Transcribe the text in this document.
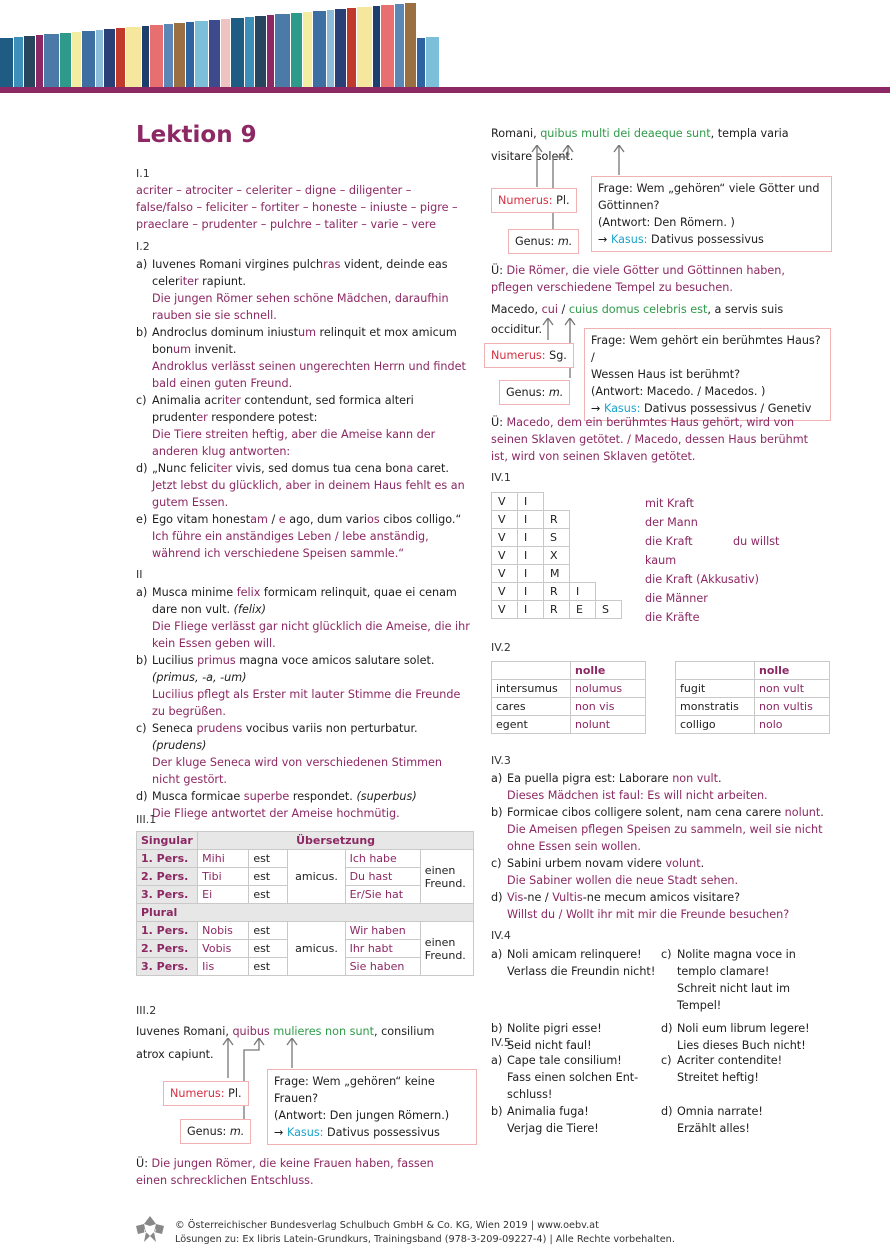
Lektion 9
I.1
acriter – atrociter – celeriter – digne – diligenter – false/falso – feliciter – fortiter – honeste – iniuste – pigre – praeclare – prudenter – pulchre – taliter – varie – vere
I.2
a) Iuvenes Romani virgines pulchras vident, deinde eas celeriter rapiunt.
Die jungen Römer sehen schöne Mädchen, daraufhin rauben sie sie schnell.
b) Androclus dominum iniustum relinquit et mox amicum bonum invenit.
Androklus verlässt seinen ungerechten Herrn und findet bald einen guten Freund.
c) Animalia acriter contendunt, sed formica alteri prudenter respondere potest:
Die Tiere streiten heftig, aber die Ameise kann der anderen klug antworten:
d) „Nunc feliciter vivis, sed domus tua cena bona caret.
Jetzt lebst du glücklich, aber in deinem Haus fehlt es an gutem Essen.
e) Ego vitam honestam / e ago, dum varios cibos colligo.“
Ich führe ein anständiges Leben / lebe anständig, während ich verschiedene Speisen sammle.“
II
a) Musca minime felix formicam relinquit, quae ei cenam dare non vult. (felix)
Die Fliege verlässt gar nicht glücklich die Ameise, die ihr kein Essen geben will.
b) Lucilius primus magna voce amicos salutare solet. (primus, -a, -um)
Lucilius pflegt als Erster mit lauter Stimme die Freunde zu begrüßen.
c) Seneca prudens vocibus variis non perturbatur. (prudens)
Der kluge Seneca wird von verschiedenen Stimmen nicht gestört.
d) Musca formicae superbe respondet. (superbus)
Die Fliege antwortet der Ameise hochmütig.
III.1
Singular	Übersetzung				
1. Pers.	Mihi	est	amicus.	Ich habe	einen Freund.
2. Pers.	Tibi	est		Du hast	
3. Pers.	Ei	est		Er/Sie hat	
Plural					
1. Pers.	Nobis	est	amicus.	Wir haben	einen Freund.
2. Pers.	Vobis	est		Ihr habt	
3. Pers.	Iis	est		Sie haben	
III.2
Iuvenes Romani, quibus mulieres non sunt, consilium atrox capiunt.
Numerus: Pl.
Genus: m.
Frage: Wem „gehören“ keine Frauen?
(Antwort: Den jungen Römern.)
→ Kasus: Dativus possessivus
Ü: Die jungen Römer, die keine Frauen haben, fassen einen schrecklichen Entschluss.
Romani, quibus multi dei deaeque sunt, templa varia visitare solent.
Numerus: Pl.
Genus: m.
Frage: Wem „gehören“ viele Götter und Göttinnen?
(Antwort: Den Römern. )
→ Kasus: Dativus possessivus
Ü: Die Römer, die viele Götter und Göttinnen haben, pflegen verschiedene Tempel zu besuchen.
Macedo, cui / cuius domus celebris est, a servis suis occiditur.
Numerus: Sg.
Genus: m.
Frage: Wem gehört ein berühmtes Haus? /
Wessen Haus ist berühmt?
(Antwort: Macedo. / Macedos. )
→ Kasus: Dativus possessivus / Genetiv
Ü: Macedo, dem ein berühmtes Haus gehört, wird von seinen Sklaven getötet. / Macedo, dessen Haus berühmt ist, wird von seinen Sklaven getötet.
IV.1
V	I			
V	I	R		
V	I	S		
V	I	X		
V	I	M		
V	I	R	I	
V	I	R	E	S
mit Kraft
der Mann
die Kraft
kaum
die Kraft (Akkusativ)
die Männer
die Kräfte
du willst
IV.2
	nolle
intersumus	nolumus
cares	non vis
egent	nolunt
	nolle
fugit	non vult
monstratis	non vultis
colligo	nolo
IV.3
a) Ea puella pigra est: Laborare non vult.
Dieses Mädchen ist faul: Es will nicht arbeiten.
b) Formicae cibos colligere solent, nam cena carere nolunt.
Die Ameisen pflegen Speisen zu sammeln, weil sie nicht ohne Essen sein wollen.
c) Sabini urbem novam videre volunt.
Die Sabiner wollen die neue Stadt sehen.
d) Vis-ne / Vultis-ne mecum amicos visitare?
Willst du / Wollt ihr mit mir die Freunde besuchen?
IV.4
a) Noli amicam relinquere!
Verlass die Freundin nicht!
c) Nolite magna voce in templo clamare!
Schreit nicht laut im Tempel!
b) Nolite pigri esse!
Seid nicht faul!
d) Noli eum librum legere!
Lies dieses Buch nicht!
IV.5
a) Cape tale consilium!
Fass einen solchen Ent-schluss!
c) Acriter contendite!
Streitet heftig!
b) Animalia fuga!
Verjag die Tiere!
d) Omnia narrate!
Erzählt alles!
öbv © Österreichischer Bundesverlag Schulbuch GmbH & Co. KG, Wien 2019 | www.oebv.at
Lösungen zu: Ex libris Latein-Grundkurs, Trainingsband (978-3-209-09227-4) | Alle Rechte vorbehalten.
